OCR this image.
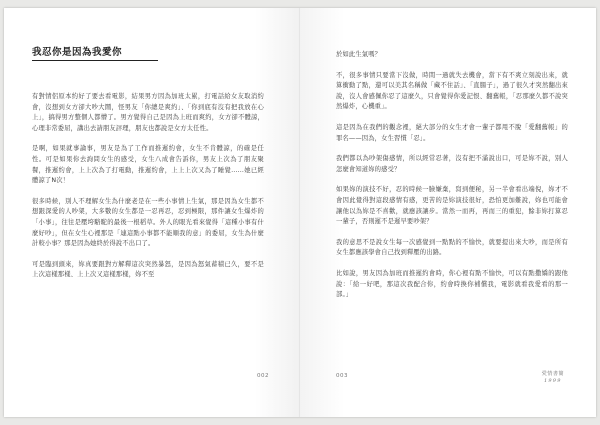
我忍你是因為我愛你

有對情侶原本約好了要去看電影，結果男方因為加班太累，打電話給女友取消約會，沒想到女方卻大吵大鬧，怪男友「你總是爽約」、「你到底有沒有把我放在心上」，搞得男方整個人都懵了。男方覺得自己是因為上班而爽約，女方卻不體諒，心理非常委屈，講出去請朋友評理，朋友也都說是女方太任性。

是啊，如果就事論事，男友是為了工作而推遲約會，女生不肯體諒，的確是任性。可是如果你去詢問女生的感受，女生八成會告訴你，男友上次為了朋友聚餐，推遲約會，上上次為了打電動，推遲約會，上上上次又為了睡覺……她已經體諒了N次！

很多時候，別人不理解女生為什麼老是在一些小事情上生氣，那是因為女生都不想跟深愛的人吵架，大多數的女生都是一忍再忍，忍到極限，那件讓女生爆炸的「小事」，往往是壓垮駱駝的最後一根稻草。外人的眼光看來覺得「這種小事有什麼好吵」，但在女生心裡那是「連這點小事都不能順我的意」的委屈，女生為什麼計較小事？那是因為她終於得說不出口了。

可是臨到頭來，妳真要跟對方解釋這次突然暴怒，是因為怒氣蓄積已久，要不是上次這樣那樣、上上次又這樣那樣，妳不至

002

於如此生氣嗎？

不，很多事情只要當下沒做，時間一過就失去機會，當下有不爽立刻說出來，就算衝動了點，還可以美其名稱做「藏不住話」、「直腸子」，過了很久才突然翻出來說，沒人會感佩你忍了這麼久，只會覺得你愛記恨、翻舊帳，「忍那麼久都不說突然爆炸，心機重」。

這是因為在我們的觀念裡，絕大部分的女生才會一輩子都甩不脫「愛翻舊帳」的罪名——因為，女生習慣「忍」。

我們都以為吵架傷感情，所以經常忍著，沒有把不滿說出口，可是妳不說，別人怎麼會知道妳的感受？

如果妳的演技不好，忍的時候一臉嫌棄，寫到便秘，另一半會看出端倪，妳才不會因此覺得對這段感情有感，更苦的是妳演技很好，恐怕更加難說，妳也可能會讓他以為妳是不喜歡，就應該讓步。當然一而再，再而三的重犯，餘非妳打算忍一輩子，否則遲不是遲早要吵架？

我的意思不是說女生每一次感覺到一點點的不愉快，就要提出來大吵，而是所有女生都應該學會自己找到釋壓的出路。

比如說，男友因為加班而推遲約會時，你心裡有點不愉快，可以有點撒嬌的跟他說：「給一好吧，那這次我配合你，約會時換你補償我，電影就看我愛看的那一部。」

003	愛情書簡
1999
